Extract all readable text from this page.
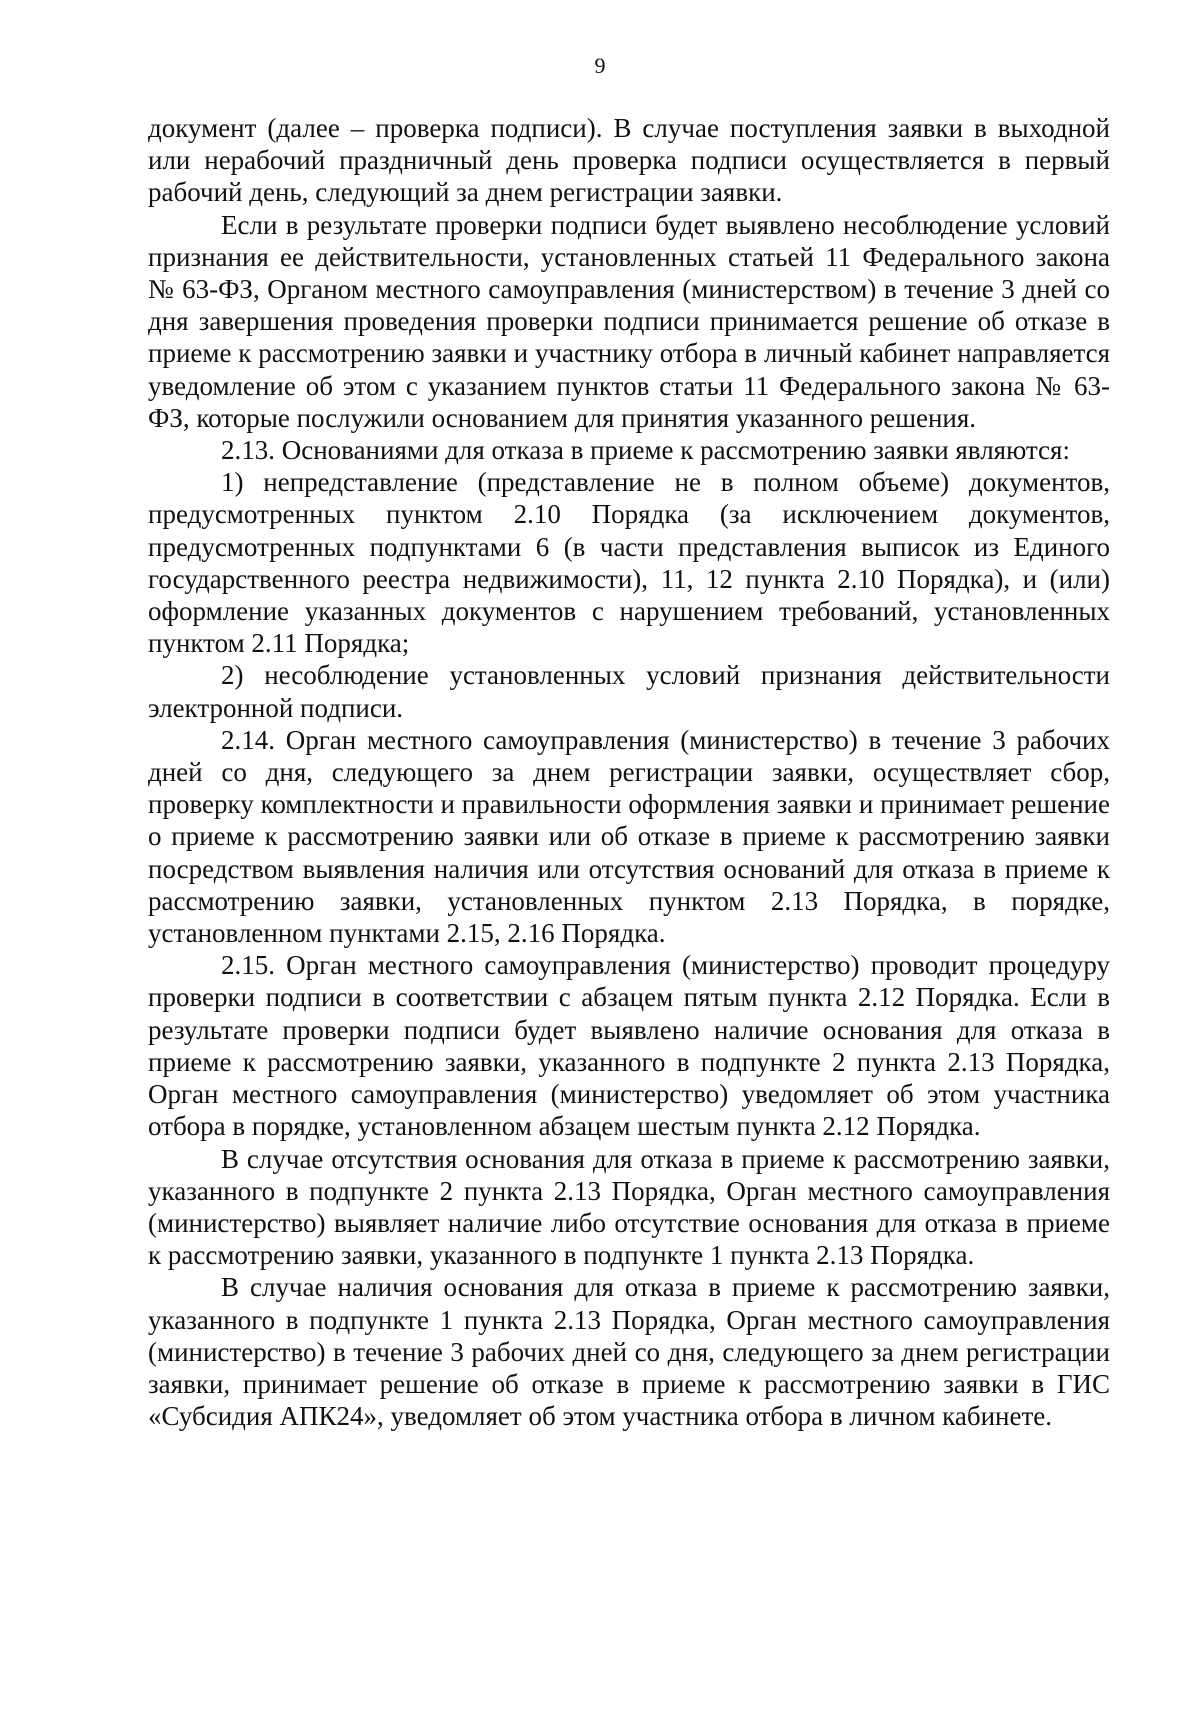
9

документ (далее – проверка подписи). В случае поступления заявки в выходной или нерабочий праздничный день проверка подписи осуществляется в первый рабочий день, следующий за днем регистрации заявки.

Если в результате проверки подписи будет выявлено несоблюдение условий признания ее действительности, установленных статьей 11 Федерального закона № 63-ФЗ, Органом местного самоуправления (министерством) в течение 3 дней со дня завершения проведения проверки подписи принимается решение об отказе в приеме к рассмотрению заявки и участнику отбора в личный кабинет направляется уведомление об этом с указанием пунктов статьи 11 Федерального закона № 63-ФЗ, которые послужили основанием для принятия указанного решения.

2.13. Основаниями для отказа в приеме к рассмотрению заявки являются:

1) непредставление (представление не в полном объеме) документов, предусмотренных пунктом 2.10 Порядка (за исключением документов, предусмотренных подпунктами 6 (в части представления выписок из Единого государственного реестра недвижимости), 11, 12 пункта 2.10 Порядка), и (или) оформление указанных документов с нарушением требований, установленных пунктом 2.11 Порядка;

2) несоблюдение установленных условий признания действительности электронной подписи.

2.14. Орган местного самоуправления (министерство) в течение 3 рабочих дней со дня, следующего за днем регистрации заявки, осуществляет сбор, проверку комплектности и правильности оформления заявки и принимает решение о приеме к рассмотрению заявки или об отказе в приеме к рассмотрению заявки посредством выявления наличия или отсутствия оснований для отказа в приеме к рассмотрению заявки, установленных пунктом 2.13 Порядка, в порядке, установленном пунктами 2.15, 2.16 Порядка.

2.15. Орган местного самоуправления (министерство) проводит процедуру проверки подписи в соответствии с абзацем пятым пункта 2.12 Порядка. Если в результате проверки подписи будет выявлено наличие основания для отказа в приеме к рассмотрению заявки, указанного в подпункте 2 пункта 2.13 Порядка, Орган местного самоуправления (министерство) уведомляет об этом участника отбора в порядке, установленном абзацем шестым пункта 2.12 Порядка.

В случае отсутствия основания для отказа в приеме к рассмотрению заявки, указанного в подпункте 2 пункта 2.13 Порядка, Орган местного самоуправления (министерство) выявляет наличие либо отсутствие основания для отказа в приеме к рассмотрению заявки, указанного в подпункте 1 пункта 2.13 Порядка.

В случае наличия основания для отказа в приеме к рассмотрению заявки, указанного в подпункте 1 пункта 2.13 Порядка, Орган местного самоуправления (министерство) в течение 3 рабочих дней со дня, следующего за днем регистрации заявки, принимает решение об отказе в приеме к рассмотрению заявки в ГИС «Субсидия АПК24», уведомляет об этом участника отбора в личном кабинете.
